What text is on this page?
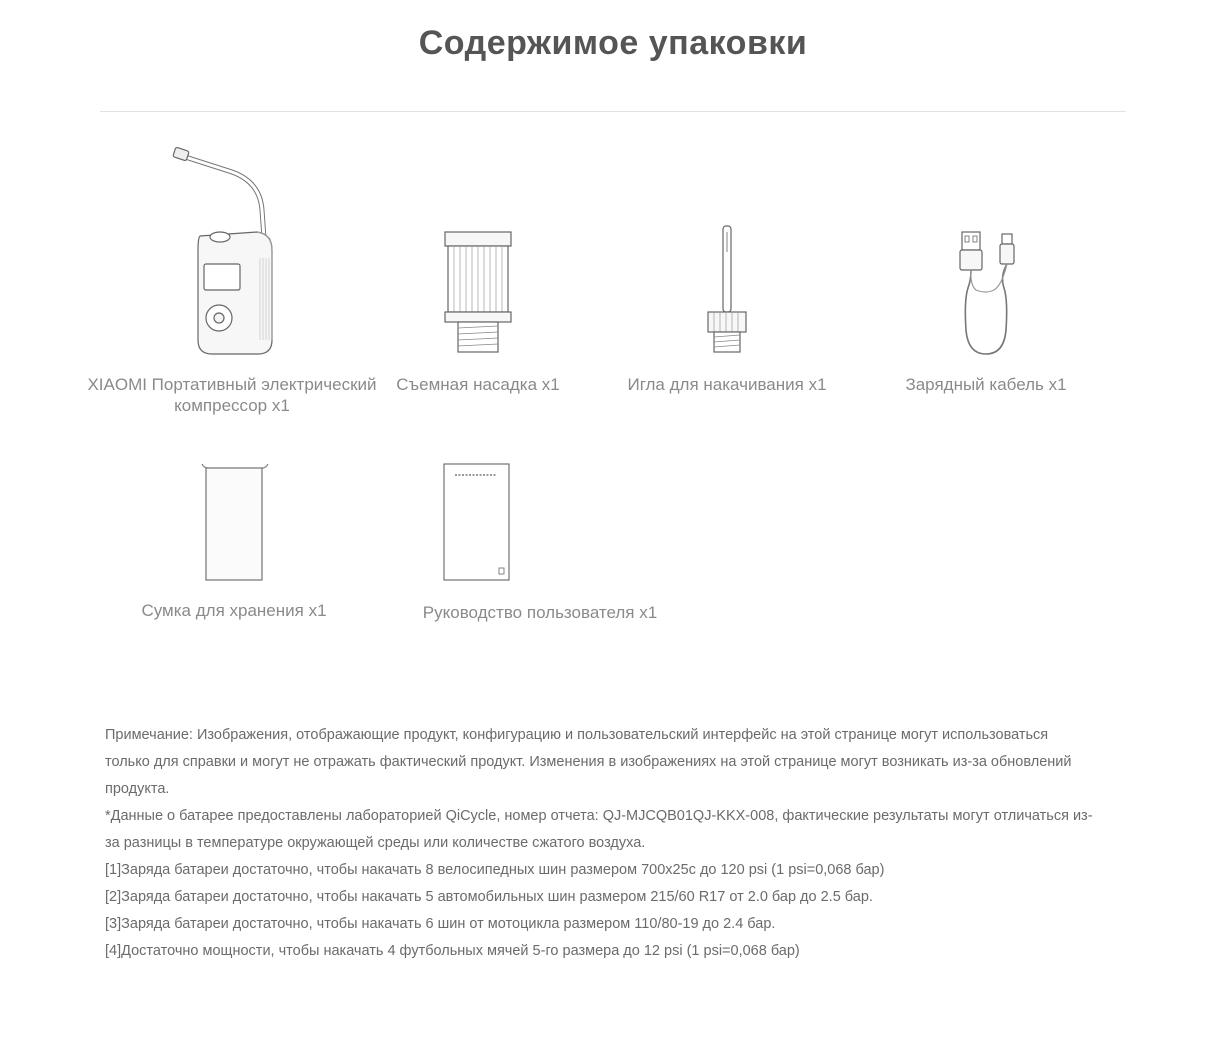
Содержимое упаковки
XIAOMI Портативный электрический компрессор x1
Съемная насадка x1	Игла для накачивания x1	Зарядный кабель x1
Сумка для хранения x1	Руководство пользователя x1

Примечание: Изображения, отображающие продукт, конфигурацию и пользовательский интерфейс на этой странице могут использоваться только для справки и могут не отражать фактический продукт. Изменения в изображениях на этой странице могут возникать из-за обновлений продукта.

*Данные о батарее предоставлены лабораторией QiCycle, номер отчета: QJ-MJCQB01QJ-KKX-008, фактические результаты могут отличаться из-за разницы в температуре окружающей среды или количестве сжатого воздуха.

[1]Заряда батареи достаточно, чтобы накачать 8 велосипедных шин размером 700x25c до 120 psi (1 psi=0,068 бар)

[2]Заряда батареи достаточно, чтобы накачать 5 автомобильных шин размером 215/60 R17 от 2.0 бар до 2.5 бар.

[3]Заряда батареи достаточно, чтобы накачать 6 шин от мотоцикла размером 110/80-19 до 2.4 бар.

[4]Достаточно мощности, чтобы накачать 4 футбольных мячей 5-го размера до 12 psi (1 psi=0,068 бар)
